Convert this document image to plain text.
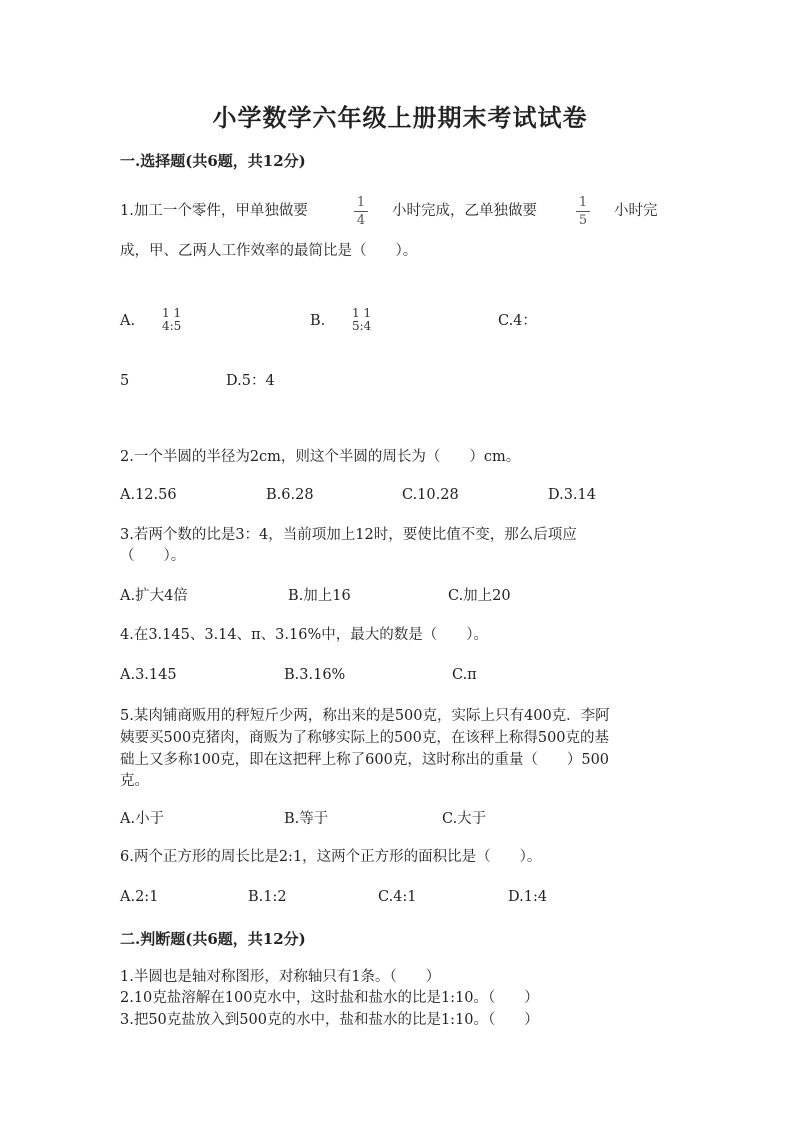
小学数学六年级上册期末考试试卷
一.选择题(共6题，共12分)
1.加工一个零件，甲单独做要
1
4
小时完成，乙单独做要
1
5
小时完
成，甲、乙两人工作效率的最简比是（　　）。
A. 1 1
4:5	B. 1 1
5:4	C.4：
5	D.5：4
2.一个半圆的半径为2cm，则这个半圆的周长为（　　）cm。
A.12.56	B.6.28	C.10.28	D.3.14
3.若两个数的比是3：4，当前项加上12时，要使比值不变，那么后项应
（　　）。
A.扩大4倍	B.加上16	C.加上20
4.在3.145、3.14、π、3.16%中，最大的数是（　　）。
A.3.145	B.3.16%	C.π
5.某肉铺商贩用的秤短斤少两，称出来的是500克，实际上只有400克．李阿
姨要买500克猪肉，商贩为了称够实际上的500克，在该秤上称得500克的基
础上又多称100克，即在这把秤上称了600克，这时称出的重量（　　）500
克。
A.小于	B.等于	C.大于
6.两个正方形的周长比是2:1，这两个正方形的面积比是（　　）。
A.2:1	B.1:2	C.4:1	D.1:4
二.判断题(共6题，共12分)
1.半圆也是轴对称图形，对称轴只有1条。（　　）
2.10克盐溶解在100克水中，这时盐和盐水的比是1:10。（　　）
3.把50克盐放入到500克的水中，盐和盐水的比是1:10。（　　）
